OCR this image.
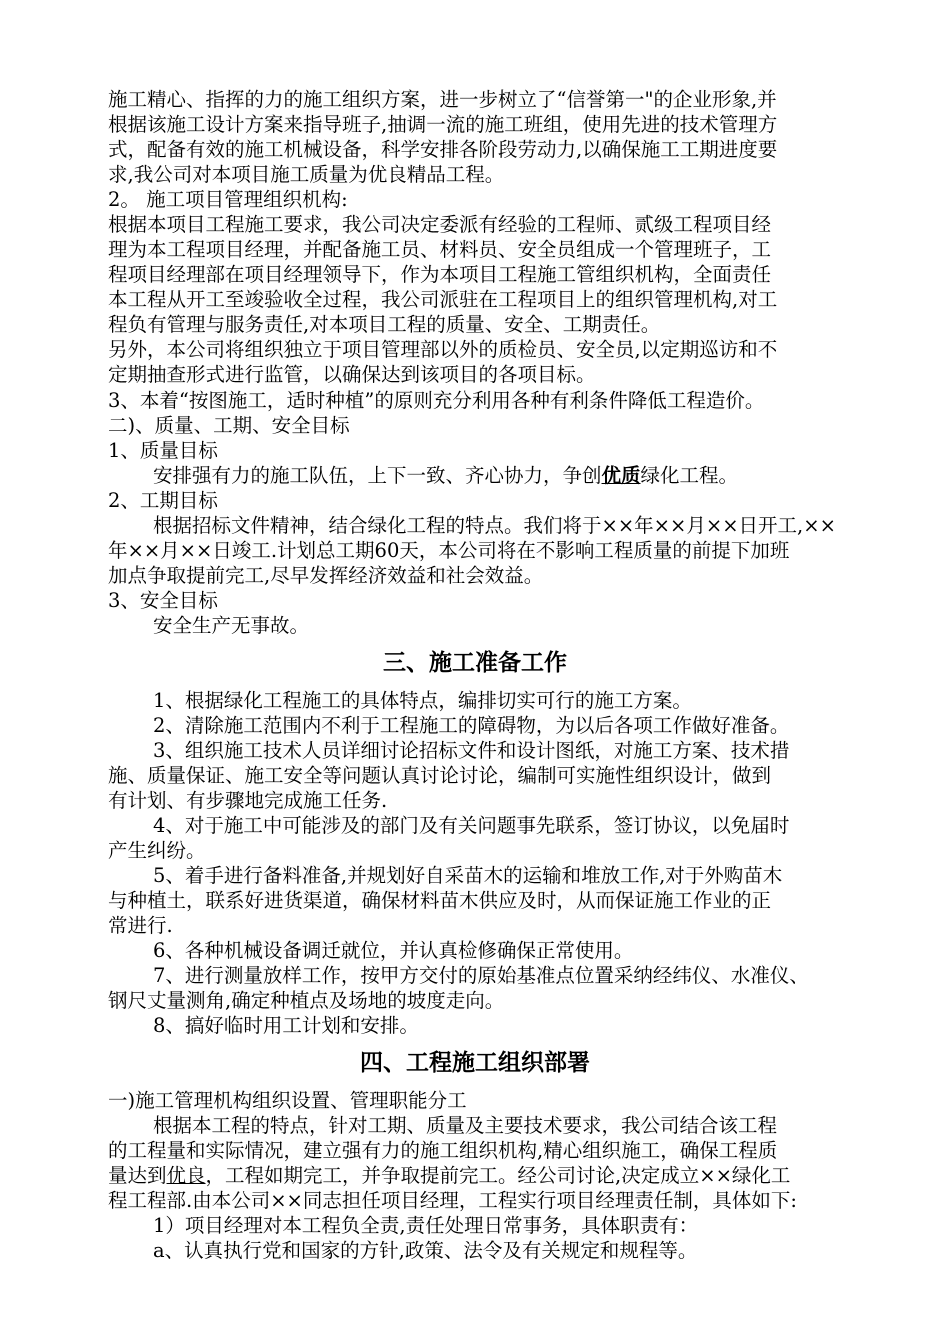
施工精心、指挥的力的施工组织方案，进一步树立了“信誉第一"的企业形象,并
根据该施工设计方案来指导班子,抽调一流的施工班组，使用先进的技术管理方
式，配备有效的施工机械设备，科学安排各阶段劳动力,以确保施工工期进度要
求,我公司对本项目施工质量为优良精品工程。
2。 施工项目管理组织机构:
根据本项目工程施工要求，我公司决定委派有经验的工程师、贰级工程项目经
理为本工程项目经理，并配备施工员、材料员、安全员组成一个管理班子，工
程项目经理部在项目经理领导下，作为本项目工程施工管组织机构，全面责任
本工程从开工至竣验收全过程，我公司派驻在工程项目上的组织管理机构,对工
程负有管理与服务责任,对本项目工程的质量、安全、工期责任。
另外，本公司将组织独立于项目管理部以外的质检员、安全员,以定期巡访和不
定期抽查形式进行监管，以确保达到该项目的各项目标。
3、本着“按图施工，适时种植”的原则充分利用各种有利条件降低工程造价。
二)、质量、工期、安全目标
1、质量目标
安排强有力的施工队伍，上下一致、齐心协力，争创优质绿化工程。
2、工期目标
根据招标文件精神，结合绿化工程的特点。我们将于××年××月××日开工,××
年××月××日竣工.计划总工期60天，本公司将在不影响工程质量的前提下加班
加点争取提前完工,尽早发挥经济效益和社会效益。
3、安全目标
安全生产无事故。
三、施工准备工作
1、根据绿化工程施工的具体特点，编排切实可行的施工方案。
2、清除施工范围内不利于工程施工的障碍物，为以后各项工作做好准备。
3、组织施工技术人员详细讨论招标文件和设计图纸，对施工方案、技术措
施、质量保证、施工安全等问题认真讨论讨论，编制可实施性组织设计，做到
有计划、有步骤地完成施工任务.
4、对于施工中可能涉及的部门及有关问题事先联系，签订协议，以免届时
产生纠纷。
5、着手进行备料准备,并规划好自采苗木的运输和堆放工作,对于外购苗木
与种植土，联系好进货渠道，确保材料苗木供应及时，从而保证施工作业的正
常进行.
6、各种机械设备调迁就位，并认真检修确保正常使用。
7、进行测量放样工作，按甲方交付的原始基准点位置采纳经纬仪、水准仪、
钢尺丈量测角,确定种植点及场地的坡度走向。
8、搞好临时用工计划和安排。
四、工程施工组织部署
一)施工管理机构组织设置、管理职能分工
根据本工程的特点，针对工期、质量及主要技术要求，我公司结合该工程
的工程量和实际情况，建立强有力的施工组织机构,精心组织施工，确保工程质
量达到优良，工程如期完工，并争取提前完工。经公司讨论,决定成立××绿化工
程工程部.由本公司××同志担任项目经理，工程实行项目经理责任制，具体如下:
1）项目经理对本工程负全责,责任处理日常事务，具体职责有：
a、认真执行党和国家的方针,政策、法令及有关规定和规程等。
